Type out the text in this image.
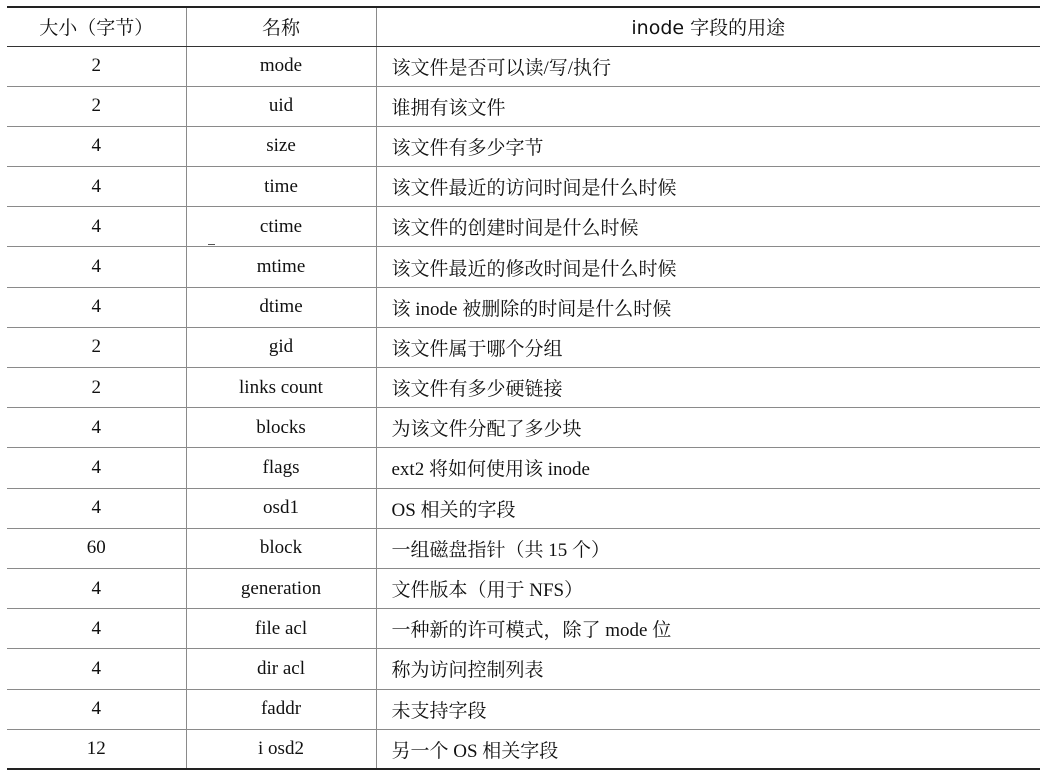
大小（字节）	名称	inode 字段的用途
2	mode	该文件是否可以读/写/执行
2	uid	谁拥有该文件
4	size	该文件有多少字节
4	time	该文件最近的访问时间是什么时候
4	ctime	该文件的创建时间是什么时候
4	mtime	该文件最近的修改时间是什么时候
4	dtime	该 inode 被删除的时间是什么时候
2	gid	该文件属于哪个分组
2	links count	该文件有多少硬链接
4	blocks	为该文件分配了多少块
4	flags	ext2 将如何使用该 inode
4	osd1	OS 相关的字段
60	block	一组磁盘指针（共 15 个）
4	generation	文件版本（用于 NFS）
4	file acl	一种新的许可模式，除了 mode 位
4	dir acl	称为访问控制列表
4	faddr	未支持字段
12	i osd2	另一个 OS 相关字段
